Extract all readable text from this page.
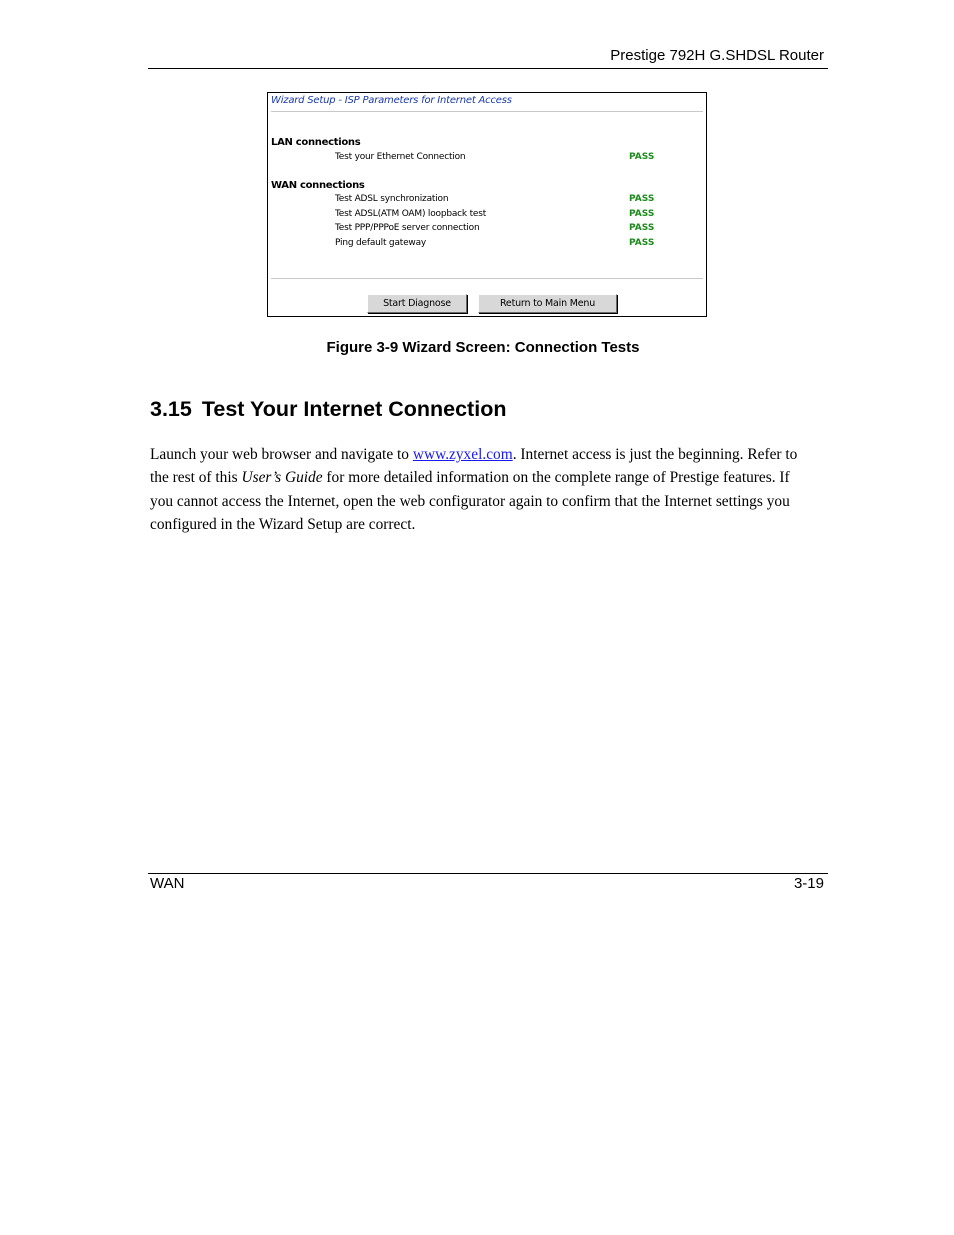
Prestige 792H G.SHDSL Router
Wizard Setup - ISP Parameters for Internet Access
LAN connections
Test your Ethernet Connection	PASS
WAN connections
Test ADSL synchronization	PASS
Test ADSL(ATM OAM) loopback test	PASS
Test PPP/PPPoE server connection	PASS
Ping default gateway	PASS
Start Diagnose	Return to Main Menu
Figure 3-9 Wizard Screen: Connection Tests
3.15 Test Your Internet Connection

Launch your web browser and navigate to www.zyxel.com. Internet access is just the beginning. Refer to the rest of this User’s Guide for more detailed information on the complete range of Prestige features. If you cannot access the Internet, open the web configurator again to confirm that the Internet settings you configured in the Wizard Setup are correct.

WAN	3-19
